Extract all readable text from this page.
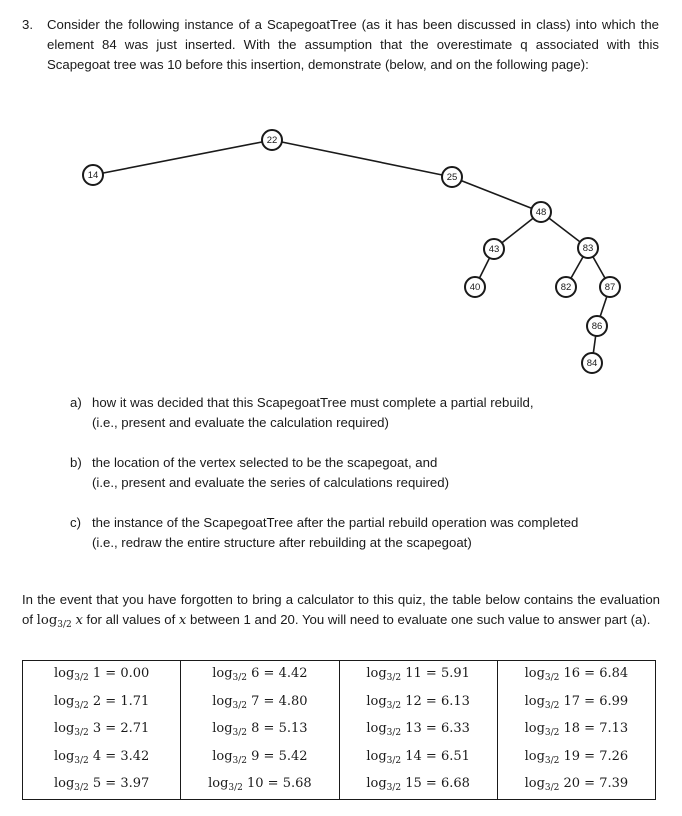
3.	Consider the following instance of a ScapegoatTree (as it has been discussed in class) into which the element 84 was just inserted. With the assumption that the overestimate q associated with this Scapegoat tree was 10 before this insertion, demonstrate (below, and on the following page):
22
14	25
48
43
40
83
82	87
86
84
a) how it was decided that this ScapegoatTree must complete a partial rebuild,
(i.e., present and evaluate the calculation required)
b) the location of the vertex selected to be the scapegoat, and
(i.e., present and evaluate the series of calculations required)
c) the instance of the ScapegoatTree after the partial rebuild operation was completed
(i.e., redraw the entire structure after rebuilding at the scapegoat)
In the event that you have forgotten to bring a calculator to this quiz, the table below contains the evaluation of $\log_{3/2} x$ for all values of x between 1 and 20. You will need to evaluate one such value to answer part (a).
$\log_{3/2} 1 = 0.00$	$\log_{3/2} 6 = 4.42$	$\log_{3/2} 11 = 5.91$	$\log_{3/2} 16 = 6.84$
$\log_{3/2} 2 = 1.71$	$\log_{3/2} 7 = 4.80$	$\log_{3/2} 12 = 6.13$	$\log_{3/2} 17 = 6.99$
$\log_{3/2} 3 = 2.71$	$\log_{3/2} 8 = 5.13$	$\log_{3/2} 13 = 6.33$	$\log_{3/2} 18 = 7.13$
$\log_{3/2} 4 = 3.42$	$\log_{3/2} 9 = 5.42$	$\log_{3/2} 14 = 6.51$	$\log_{3/2} 19 = 7.26$
$\log_{3/2} 5 = 3.97$	$\log_{3/2} 10 = 5.68$	$\log_{3/2} 15 = 6.68$	$\log_{3/2} 20 = 7.39$
